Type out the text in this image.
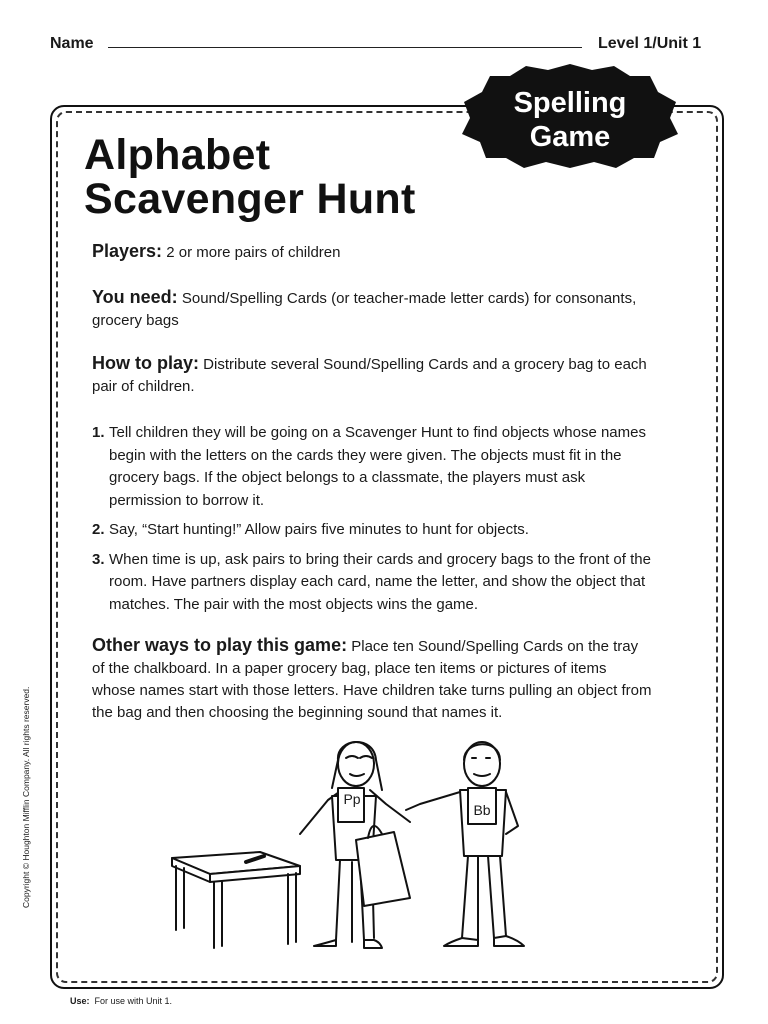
Name	Level 1/Unit 1
Spelling
Game
Alphabet
Scavenger Hunt
Players: 2 or more pairs of children
You need: Sound/Spelling Cards (or teacher-made letter cards) for consonants, grocery bags
How to play: Distribute several Sound/Spelling Cards and a grocery bag to each pair of children.
1. Tell children they will be going on a Scavenger Hunt to find objects whose names begin with the letters on the cards they were given. The objects must fit in the grocery bags. If the object belongs to a classmate, the players must ask permission to borrow it.
2. Say, “Start hunting!” Allow pairs five minutes to hunt for objects.
3. When time is up, ask pairs to bring their cards and grocery bags to the front of the room. Have partners display each card, name the letter, and show the object that matches. The pair with the most objects wins the game.
Other ways to play this game: Place ten Sound/Spelling Cards on the tray of the chalkboard. In a paper grocery bag, place ten items or pictures of items whose names start with those letters. Have children take turns pulling an object from the bag and then choosing the beginning sound that names it.
Pp
Bb
Copyright © Houghton Mifflin Company. All rights reserved.
Use: For use with Unit 1.
